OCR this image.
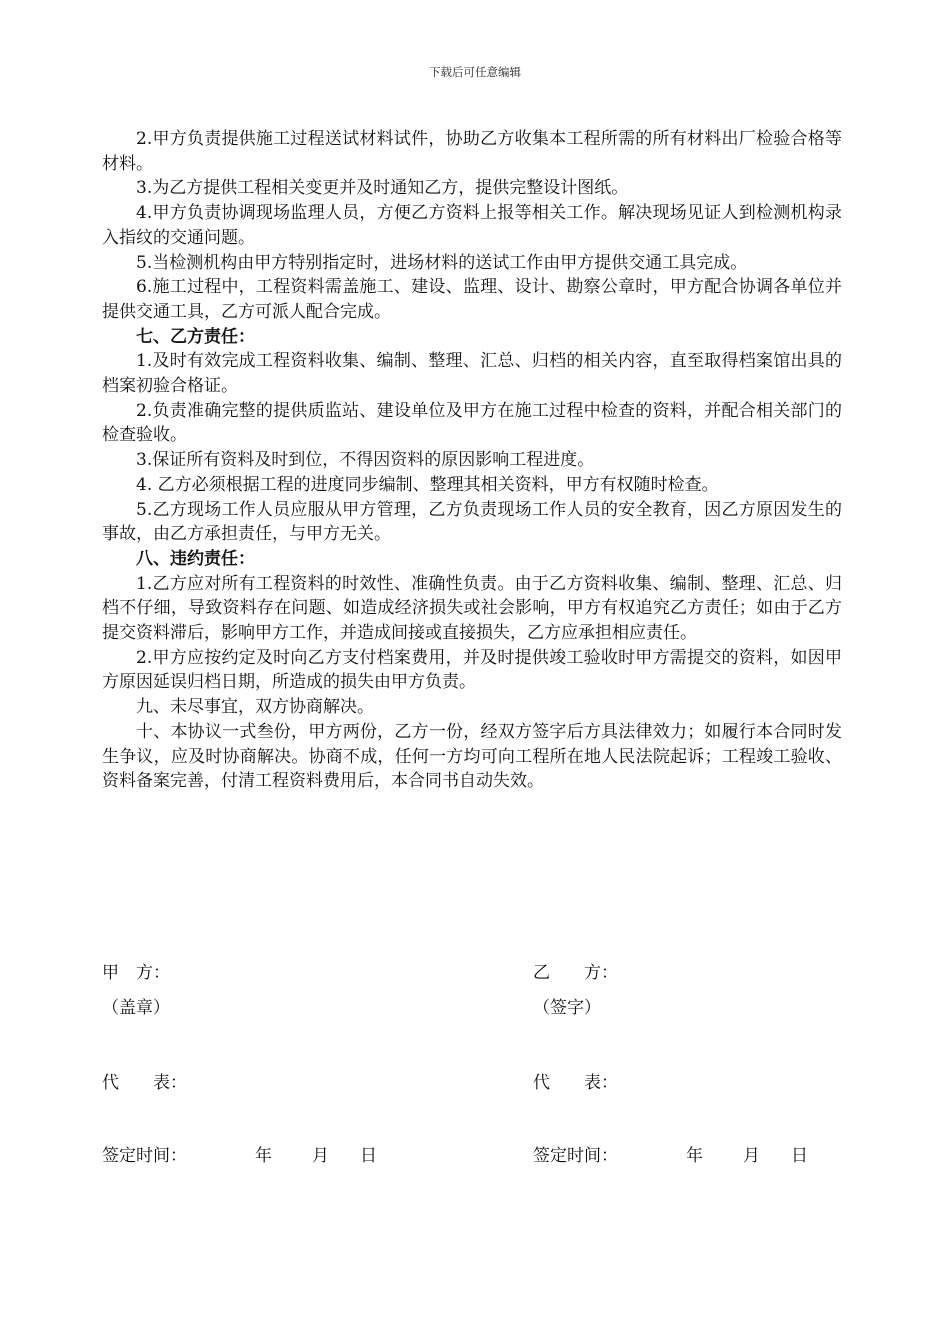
下载后可任意编辑

2.甲方负责提供施工过程送试材料试件，协助乙方收集本工程所需的所有材料出厂检验合格等材料。

3.为乙方提供工程相关变更并及时通知乙方，提供完整设计图纸。

4.甲方负责协调现场监理人员，方便乙方资料上报等相关工作。解决现场见证人到检测机构录入指纹的交通问题。

5.当检测机构由甲方特别指定时，进场材料的送试工作由甲方提供交通工具完成。

6.施工过程中，工程资料需盖施工、建设、监理、设计、勘察公章时，甲方配合协调各单位并提供交通工具，乙方可派人配合完成。

七、乙方责任：

1.及时有效完成工程资料收集、编制、整理、汇总、归档的相关内容，直至取得档案馆出具的档案初验合格证。

2.负责准确完整的提供质监站、建设单位及甲方在施工过程中检查的资料，并配合相关部门的检查验收。

3.保证所有资料及时到位，不得因资料的原因影响工程进度。

4. 乙方必须根据工程的进度同步编制、整理其相关资料，甲方有权随时检查。

5.乙方现场工作人员应服从甲方管理，乙方负责现场工作人员的安全教育，因乙方原因发生的事故，由乙方承担责任，与甲方无关。

八、违约责任：

1.乙方应对所有工程资料的时效性、准确性负责。由于乙方资料收集、编制、整理、汇总、归档不仔细，导致资料存在问题、如造成经济损失或社会影响，甲方有权追究乙方责任；如由于乙方提交资料滞后，影响甲方工作，并造成间接或直接损失，乙方应承担相应责任。

2.甲方应按约定及时向乙方支付档案费用，并及时提供竣工验收时甲方需提交的资料，如因甲方原因延误归档日期，所造成的损失由甲方负责。

九、未尽事宜，双方协商解决。

十、本协议一式叁份，甲方两份，乙方一份，经双方签字后方具法律效力；如履行本合同时发生争议，应及时协商解决。协商不成，任何一方均可向工程所在地人民法院起诉；工程竣工验收、资料备案完善，付清工程资料费用后，本合同书自动失效。

甲　方：	乙　　方：
（盖章）	（签字）
代　　表：	代　　表：
签定时间：	年 月 日	签定时间：	年 月 日
